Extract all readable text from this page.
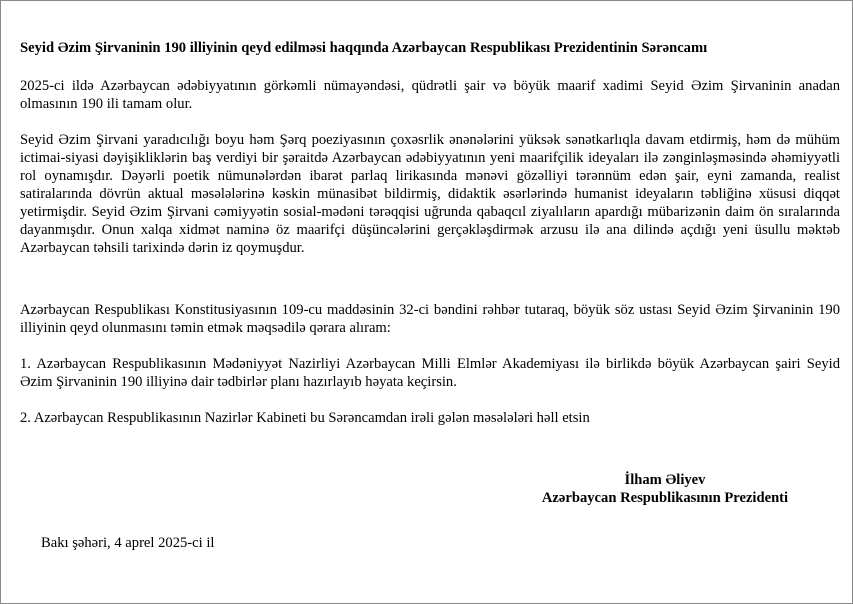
Seyid Əzim Şirvaninin 190 illiyinin qeyd edilməsi haqqında Azərbaycan Respublikası Prezidentinin Sərəncamı

2025-ci ildə Azərbaycan ədəbiyyatının görkəmli nümayəndəsi, qüdrətli şair və böyük maarif xadimi Seyid Əzim Şirvaninin anadan olmasının 190 ili tamam olur.

Seyid Əzim Şirvani yaradıcılığı boyu həm Şərq poeziyasının çoxəsrlik ənənələrini yüksək sənətkarlıqla davam etdirmiş, həm də mühüm ictimai-siyasi dəyişikliklərin baş verdiyi bir şəraitdə Azərbaycan ədəbiyyatının yeni maarifçilik ideyaları ilə zənginləşməsində əhəmiyyətli rol oynamışdır. Dəyərli poetik nümunələrdən ibarət parlaq lirikasında mənəvi gözəlliyi tərənnüm edən şair, eyni zamanda, realist satiralarında dövrün aktual məsələlərinə kəskin münasibət bildirmiş, didaktik əsərlərində humanist ideyaların təbliğinə xüsusi diqqət yetirmişdir. Seyid Əzim Şirvani cəmiyyətin sosial-mədəni tərəqqisi uğrunda qabaqcıl ziyalıların apardığı mübarizənin daim ön sıralarında dayanmışdır. Onun xalqa xidmət naminə öz maarifçi düşüncələrini gerçəkləşdirmək arzusu ilə ana dilində açdığı yeni üsullu məktəb Azərbaycan təhsili tarixində dərin iz qoymuşdur.

Azərbaycan Respublikası Konstitusiyasının 109-cu maddəsinin 32-ci bəndini rəhbər tutaraq, böyük söz ustası Seyid Əzim Şirvaninin 190 illiyinin qeyd olunmasını təmin etmək məqsədilə qərara alıram:

1. Azərbaycan Respublikasının Mədəniyyət Nazirliyi Azərbaycan Milli Elmlər Akademiyası ilə birlikdə böyük Azərbaycan şairi Seyid Əzim Şirvaninin 190 illiyinə dair tədbirlər planı hazırlayıb həyata keçirsin.

2. Azərbaycan Respublikasının Nazirlər Kabineti bu Sərəncamdan irəli gələn məsələləri həll etsin

İlham Əliyev
Azərbaycan Respublikasının Prezidenti
Bakı şəhəri, 4 aprel 2025-ci il
